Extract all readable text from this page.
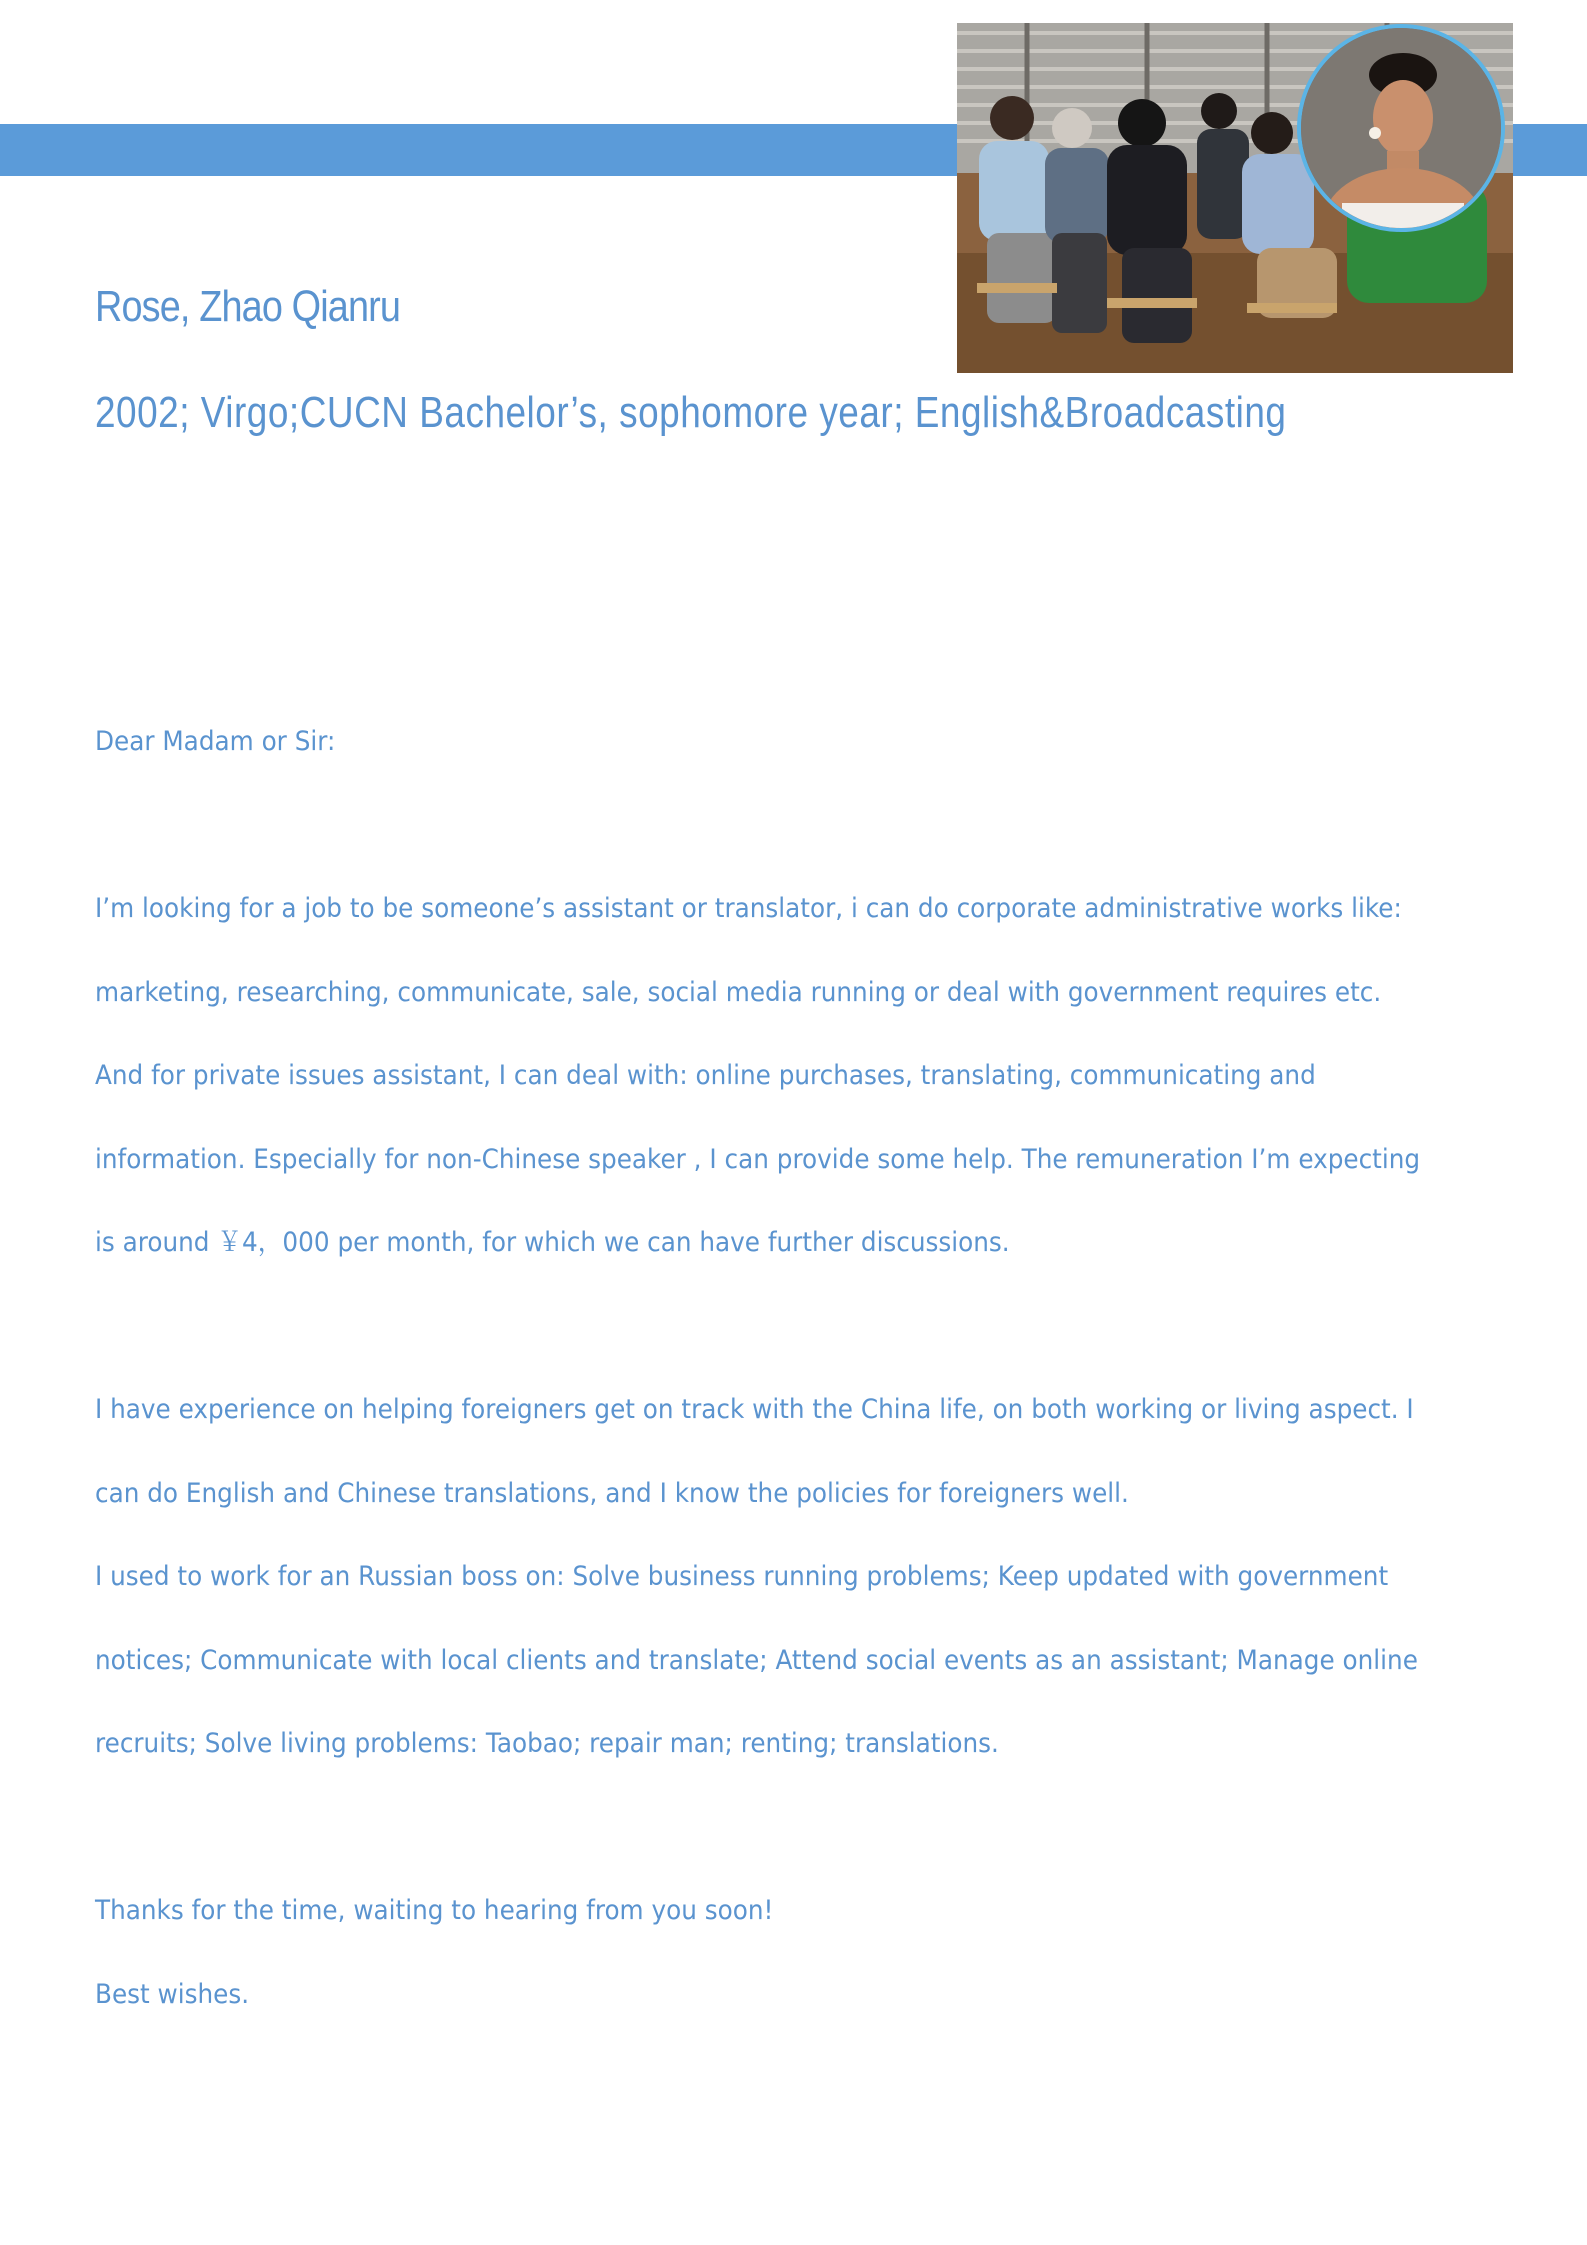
Rose, Zhao Qianru
2002; Virgo;CUCN Bachelor’s, sophomore year; English&Broadcasting
Dear Madam or Sir:
I’m looking for a job to be someone’s assistant or translator, i can do corporate administrative works like:
marketing, researching, communicate, sale, social media running or deal with government requires etc.
And for private issues assistant, I can deal with: online purchases, translating, communicating and
information. Especially for non-Chinese speaker , I can provide some help. The remuneration I’m expecting
is around ￥4，000 per month, for which we can have further discussions.
I have experience on helping foreigners get on track with the China life, on both working or living aspect. I
can do English and Chinese translations, and I know the policies for foreigners well.
I used to work for an Russian boss on: Solve business running problems; Keep updated with government
notices; Communicate with local clients and translate; Attend social events as an assistant; Manage online
recruits; Solve living problems: Taobao; repair man; renting; translations.
Thanks for the time, waiting to hearing from you soon!
Best wishes.
